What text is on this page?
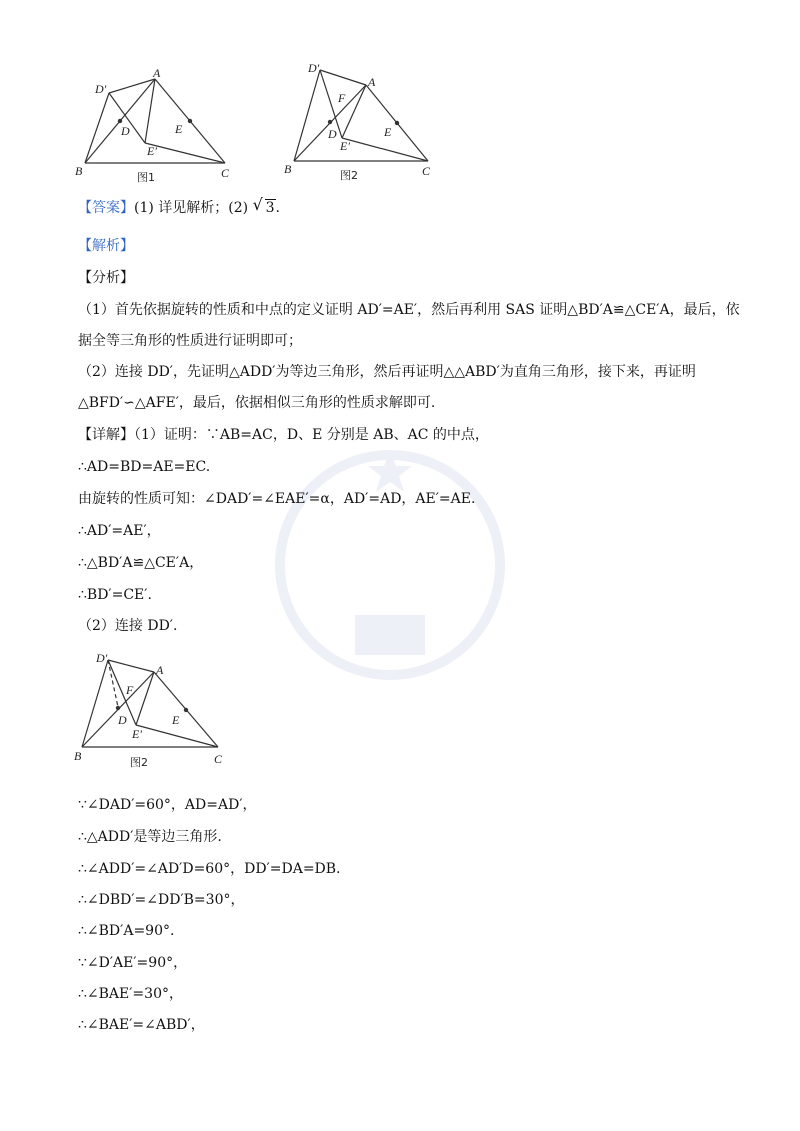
D′
A
D	E
E′
B	C
图1
D′
A
F
D	E
E′
B	C
图2
【答案】(1) 详见解析；(2) √ 3.
【解析】
【分析】
（1）首先依据旋转的性质和中点的定义证明 AD′=AE′，然后再利用 SAS 证明△BD′A≌△CE′A，最后，依
据全等三角形的性质进行证明即可；
（2）连接 DD′，先证明△ADD′为等边三角形，然后再证明△△ABD′为直角三角形，接下来，再证明
△BFD′∽△AFE′，最后，依据相似三角形的性质求解即可.
【详解】（1）证明：∵AB=AC，D、E 分别是 AB、AC 的中点，
∴AD=BD=AE=EC.
由旋转的性质可知：∠DAD′=∠EAE′=α，AD′=AD，AE′=AE.
∴AD′=AE′，
∴△BD′A≌△CE′A，
∴BD′=CE′.
（2）连接 DD′.
D′
A
F
D	E
E′
B	C
图2
∵∠DAD′=60°，AD=AD′，
∴△ADD′是等边三角形.
∴∠ADD′=∠AD′D=60°，DD′=DA=DB.
∴∠DBD′=∠DD′B=30°，
∴∠BD′A=90°.
∵∠D′AE′=90°，
∴∠BAE′=30°，
∴∠BAE′=∠ABD′，
